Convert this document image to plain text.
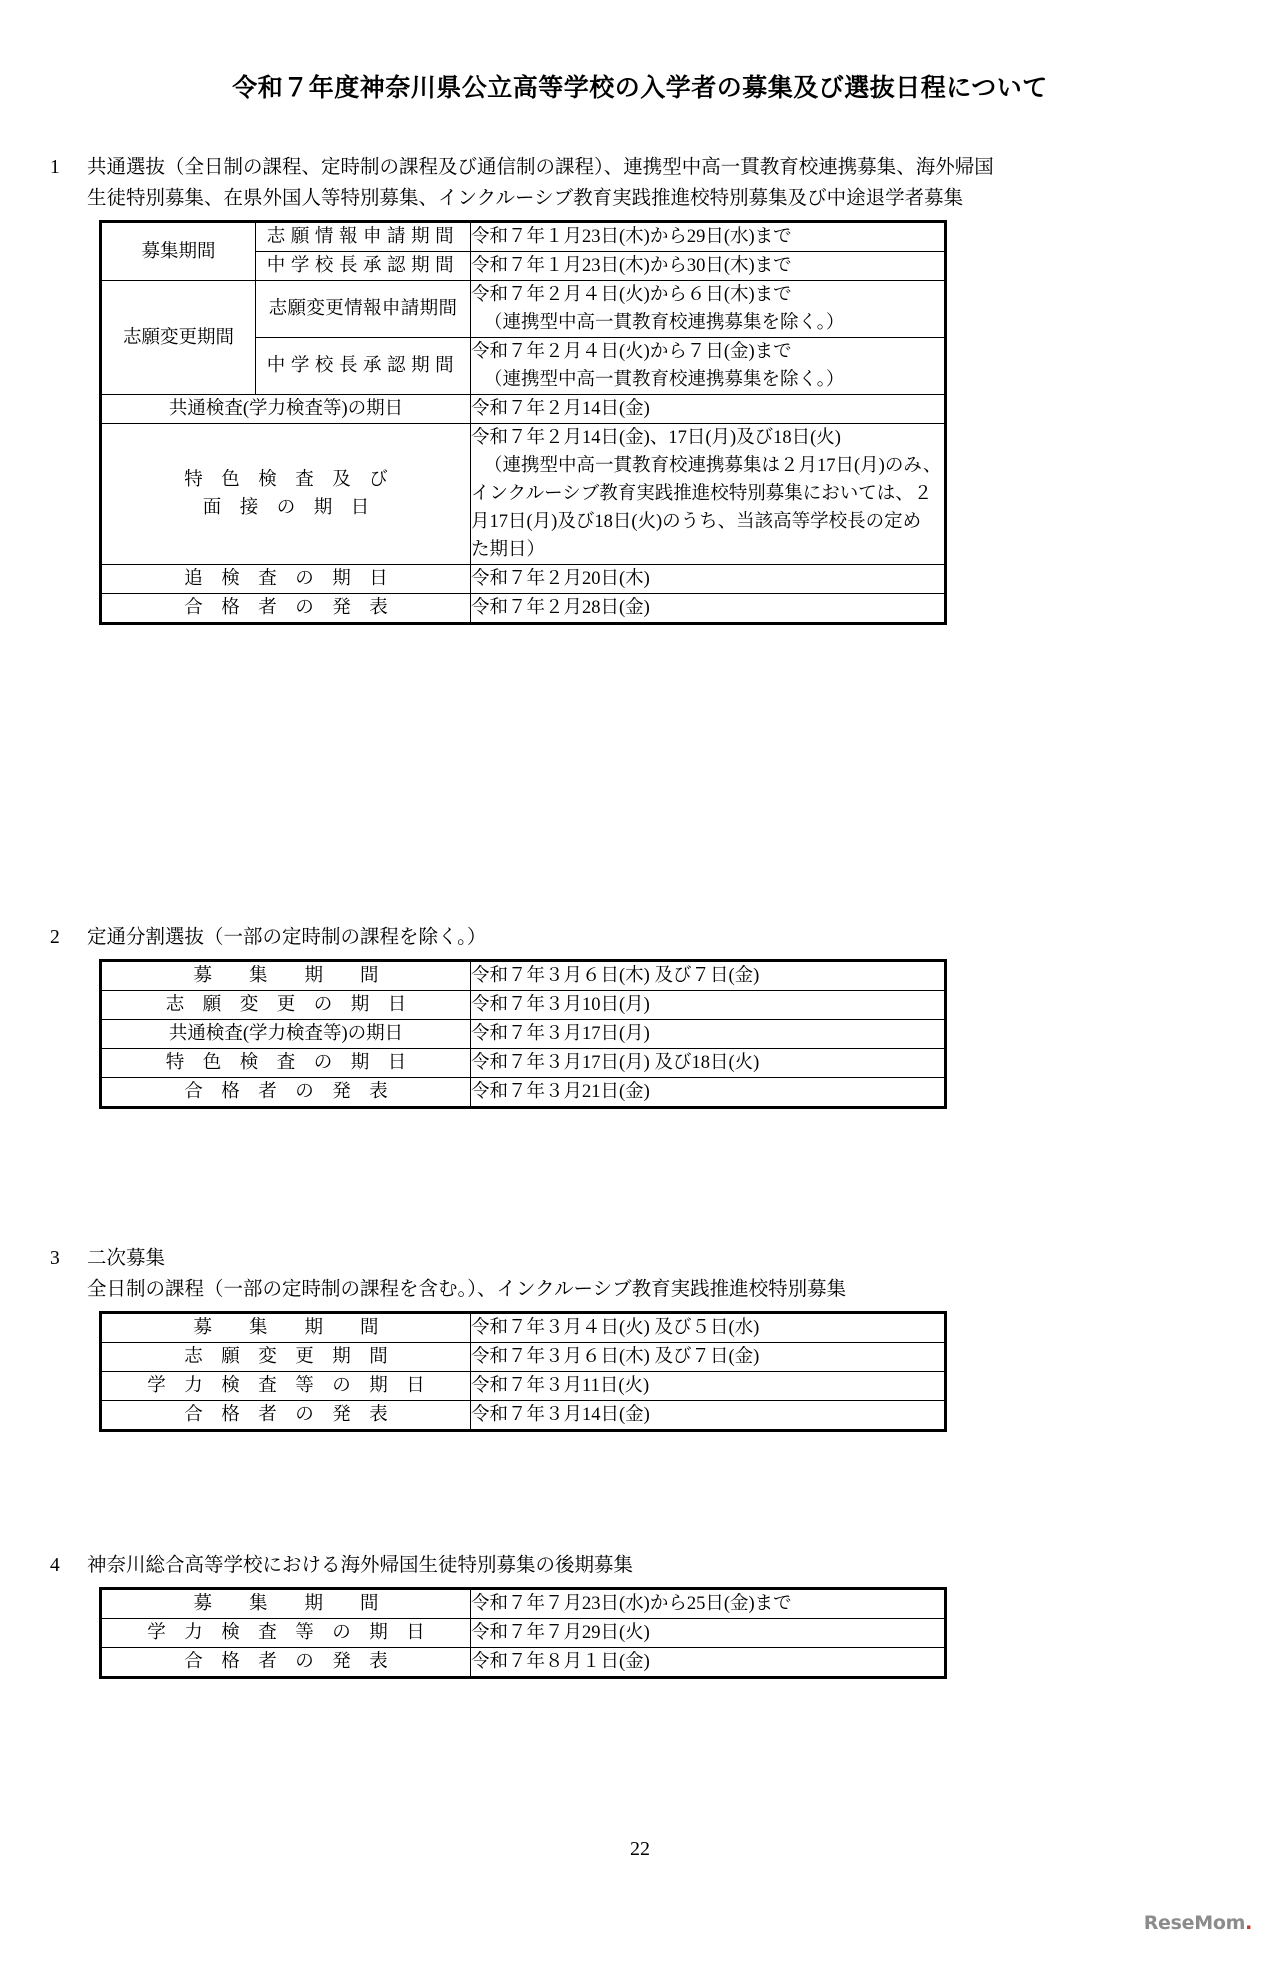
令和７年度神奈川県公立高等学校の入学者の募集及び選抜日程について
1	共通選抜（全日制の課程、定時制の課程及び通信制の課程）、連携型中高一貫教育校連携募集、海外帰国
生徒特別募集、在県外国人等特別募集、インクルーシブ教育実践推進校特別募集及び中途退学者募集
募集期間	志願情報申請期間	令和７年１月23日(木)から29日(水)まで

	中学校長承認期間	令和７年１月23日(木)から30日(木)まで

志願変更期間	志願変更情報申請期間	令和７年２月４日(火)から６日(木)まで
（連携型中高一貫教育校連携募集を除く。）

	中学校長承認期間	令和７年２月４日(火)から７日(金)まで
（連携型中高一貫教育校連携募集を除く。）

共通検査(学力検査等)の期日		令和７年２月14日(金)

特　色　検　査　及　び
面　接　の　期　日		令和７年２月14日(金)、17日(月)及び18日(火)
（連携型中高一貫教育校連携募集は２月17日(月)のみ、
インクルーシブ教育実践推進校特別募集においては、２
月17日(月)及び18日(火)のうち、当該高等学校長の定め
た期日）

追　検　査　の　期　日		令和７年２月20日(木)

合　格　者　の　発　表		令和７年２月28日(金)
2	定通分割選抜（一部の定時制の課程を除く。）
募　　集　　期　　間	令和７年３月６日(木) 及び７日(金)

志　願　変　更　の　期　日	令和７年３月10日(月)

共通検査(学力検査等)の期日	令和７年３月17日(月)

特　色　検　査　の　期　日	令和７年３月17日(月) 及び18日(火)

合　格　者　の　発　表	令和７年３月21日(金)
3	二次募集
全日制の課程（一部の定時制の課程を含む。）、インクルーシブ教育実践推進校特別募集
募　　集　　期　　間	令和７年３月４日(火) 及び５日(水)

志　願　変　更　期　間	令和７年３月６日(木) 及び７日(金)

学　力　検　査　等　の　期　日	令和７年３月11日(火)

合　格　者　の　発　表	令和７年３月14日(金)
4	神奈川総合高等学校における海外帰国生徒特別募集の後期募集
募　　集　　期　　間	令和７年７月23日(水)から25日(金)まで

学　力　検　査　等　の　期　日	令和７年７月29日(火)

合　格　者　の　発　表	令和７年８月１日(金)
22
ReseMom.
